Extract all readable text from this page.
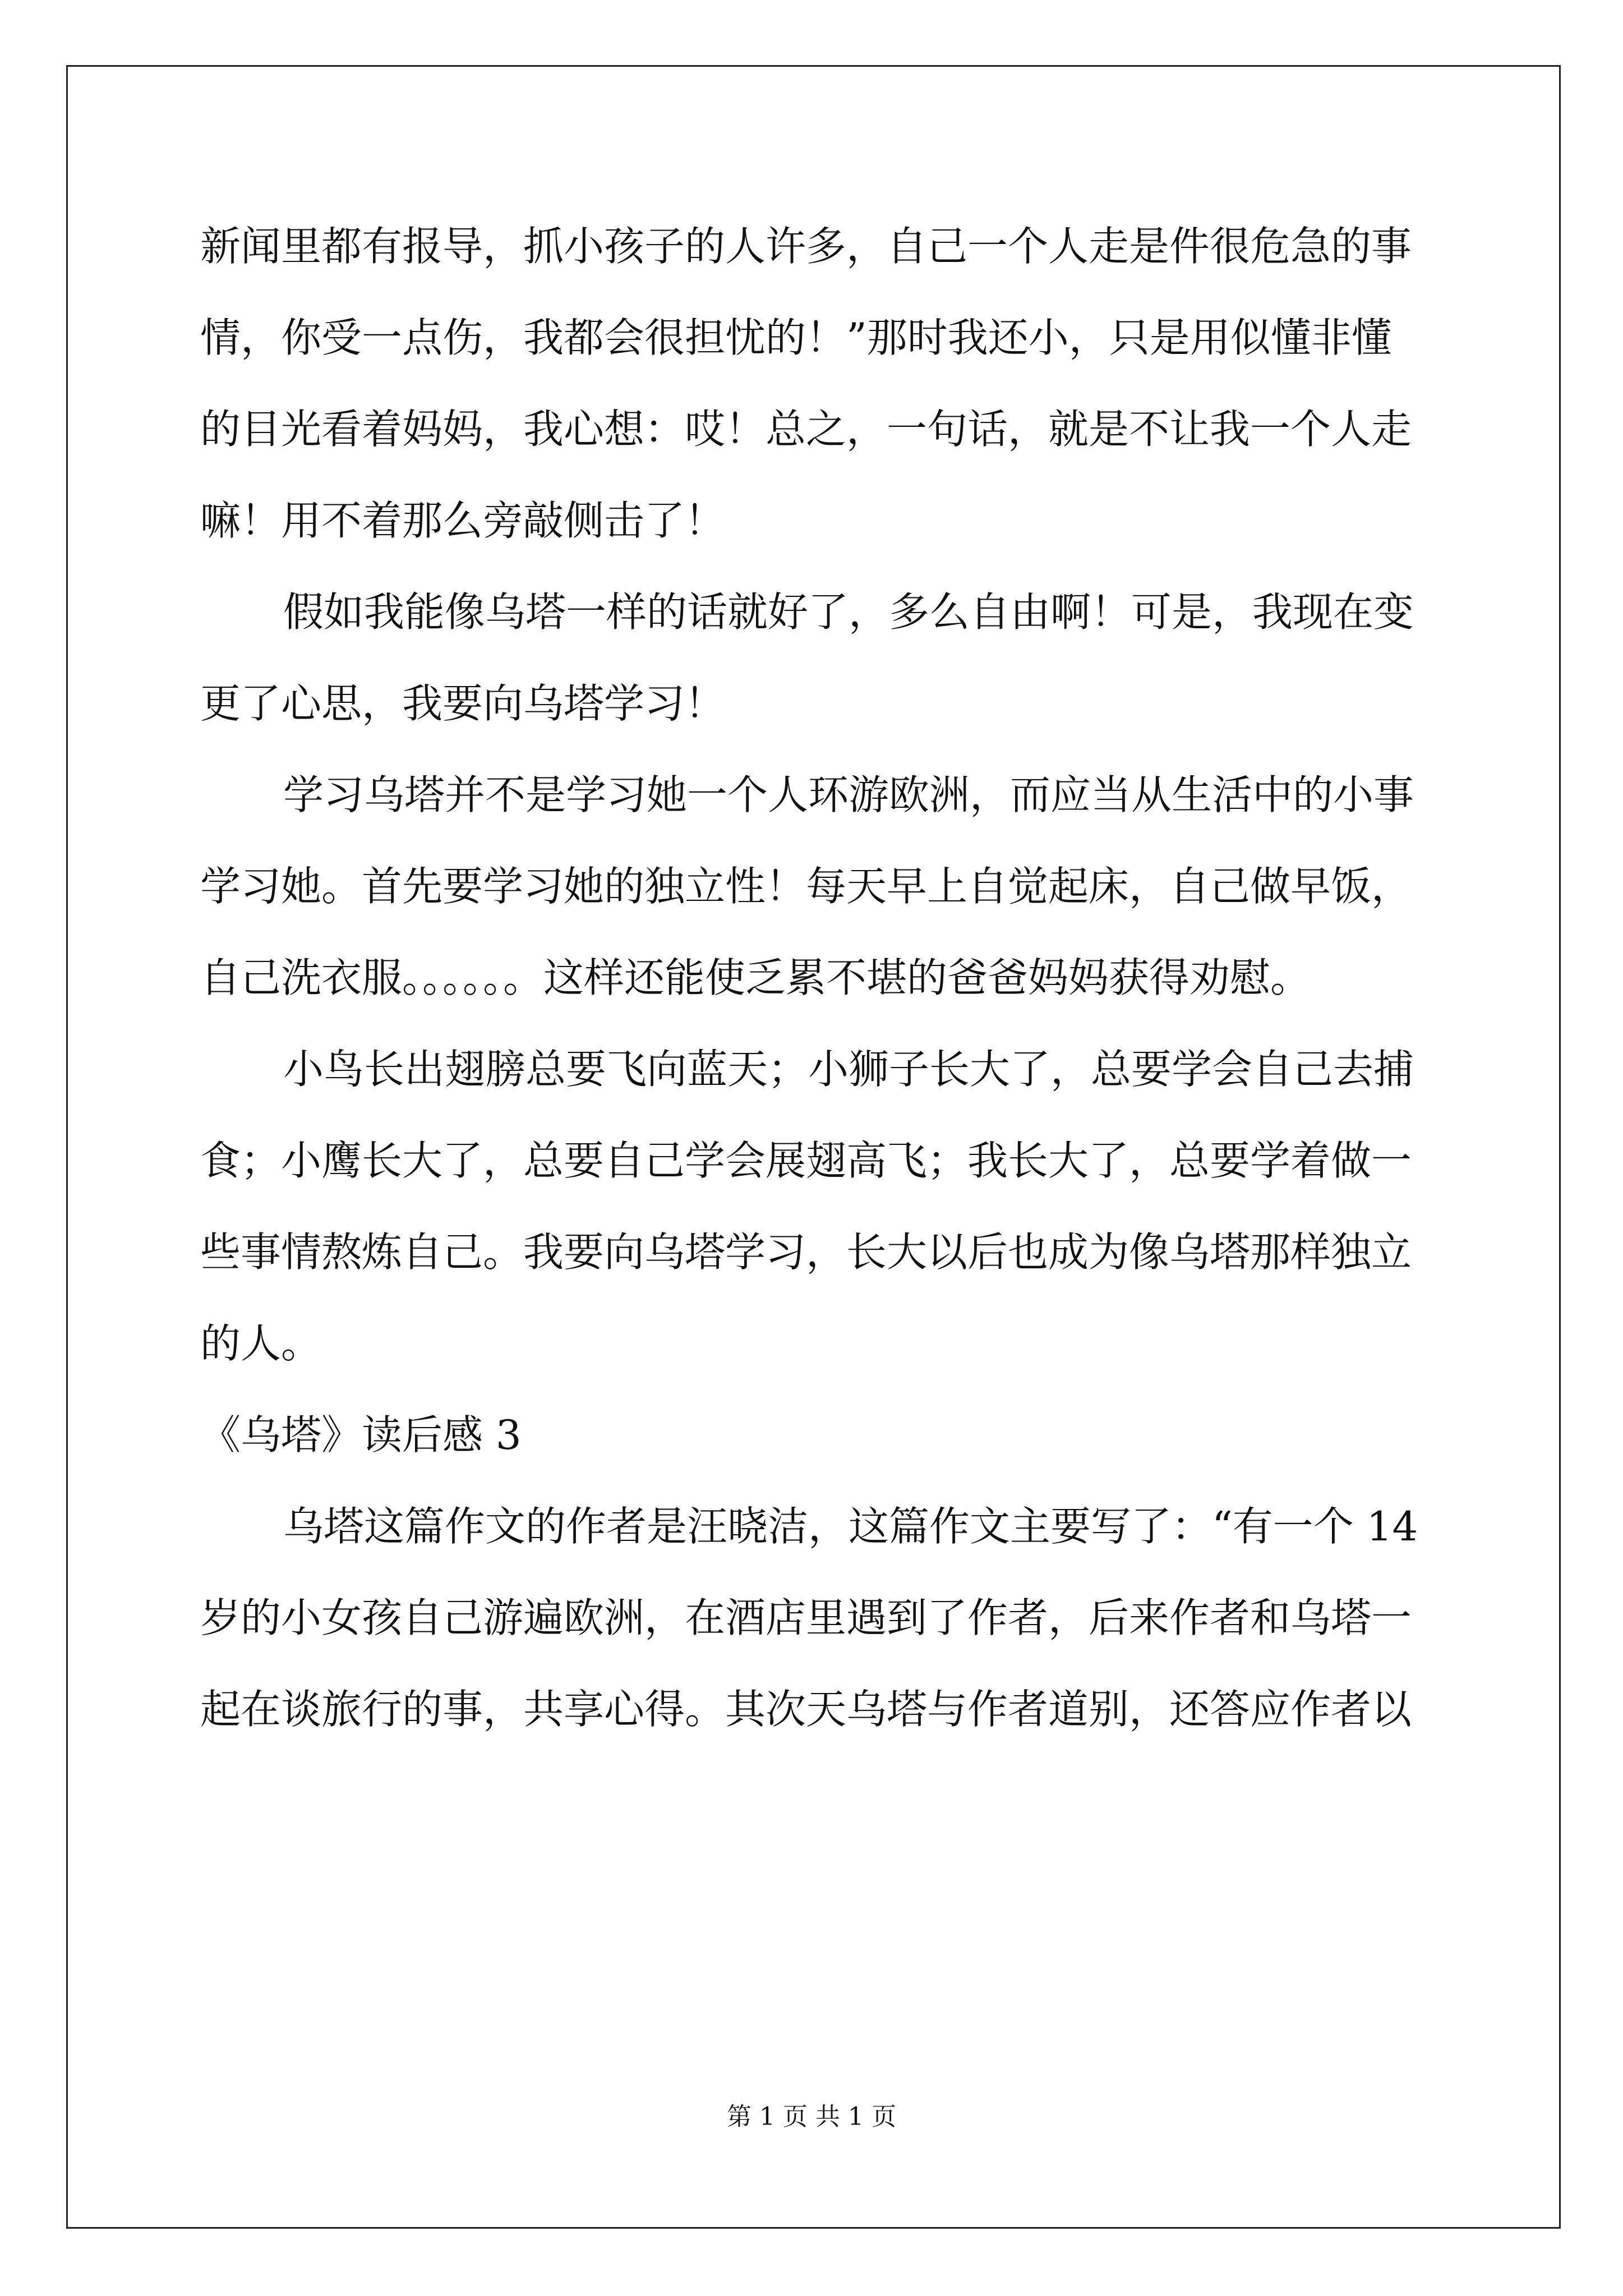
新闻里都有报导，抓小孩子的人许多，自己一个人走是件很危急的事
情，你受一点伤，我都会很担忧的！”那时我还小，只是用似懂非懂
的目光看着妈妈，我心想：哎！总之，一句话，就是不让我一个人走
嘛！用不着那么旁敲侧击了！
假如我能像乌塔一样的话就好了，多么自由啊！可是，我现在变
更了心思，我要向乌塔学习！
学习乌塔并不是学习她一个人环游欧洲，而应当从生活中的小事
学习她。首先要学习她的独立性！每天早上自觉起床，自己做早饭，
自己洗衣服。。。。。。这样还能使乏累不堪的爸爸妈妈获得劝慰。
小鸟长出翅膀总要飞向蓝天；小狮子长大了，总要学会自己去捕
食；小鹰长大了，总要自己学会展翅高飞；我长大了，总要学着做一
些事情熬炼自己。我要向乌塔学习，长大以后也成为像乌塔那样独立
的人。
《乌塔》读后感 3
乌塔这篇作文的作者是汪晓洁，这篇作文主要写了：“有一个 14
岁的小女孩自己游遍欧洲，在酒店里遇到了作者，后来作者和乌塔一
起在谈旅行的事，共享心得。其次天乌塔与作者道别，还答应作者以
第 1 页 共 1 页
